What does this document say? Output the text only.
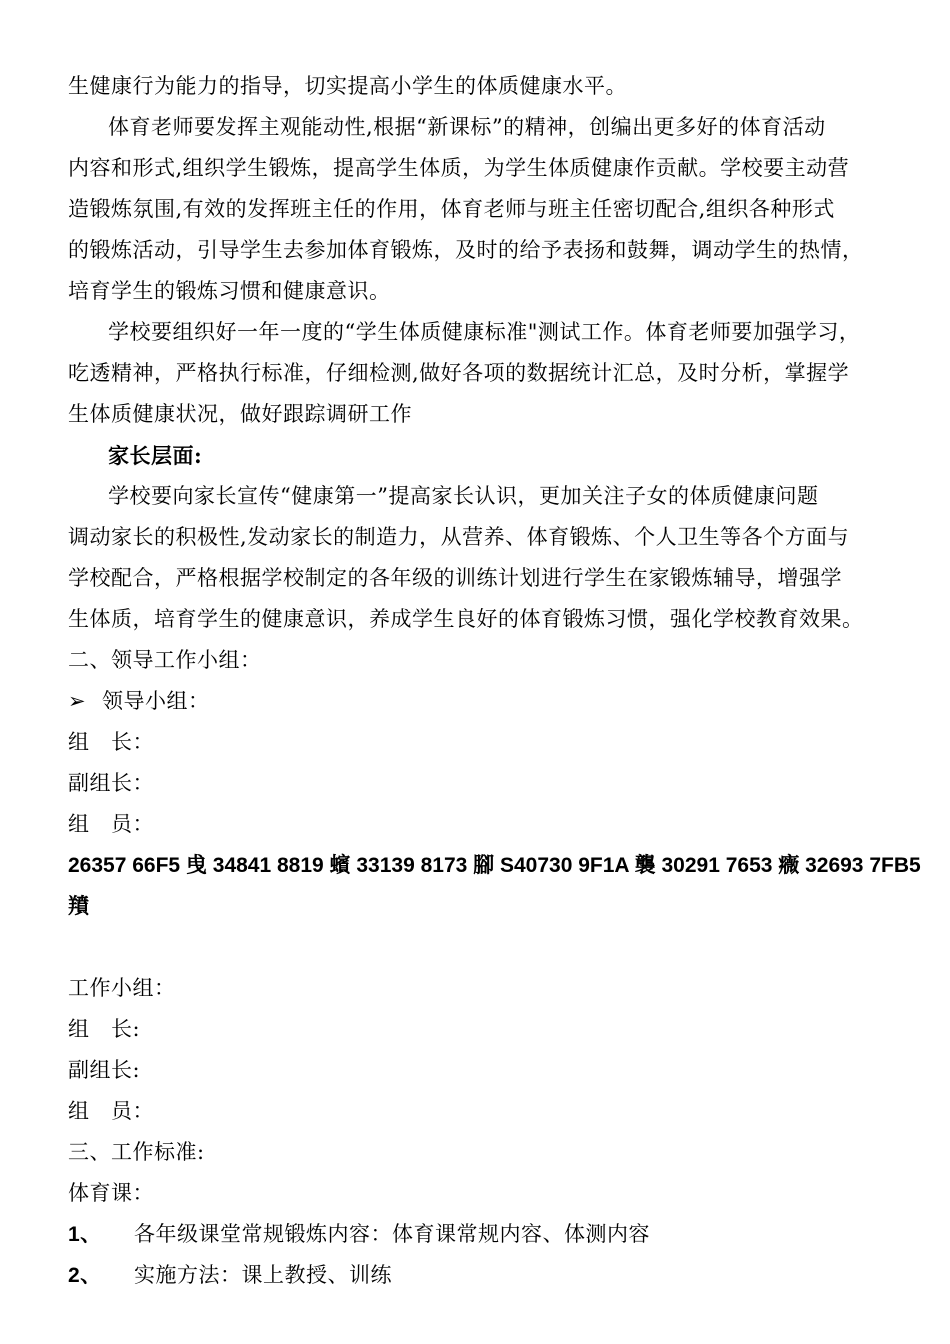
生健康行为能力的指导，切实提高小学生的体质健康水平。
体育老师要发挥主观能动性,根据“新课标”的精神，创编出更多好的体育活动
内容和形式,组织学生锻炼，提高学生体质，为学生体质健康作贡献。学校要主动营
造锻炼氛围,有效的发挥班主任的作用，体育老师与班主任密切配合,组织各种形式
的锻炼活动，引导学生去参加体育锻炼，及时的给予表扬和鼓舞，调动学生的热情，
培育学生的锻炼习惯和健康意识。
学校要组织好一年一度的“学生体质健康标准"测试工作。体育老师要加强学习，
吃透精神，严格执行标准，仔细检测,做好各项的数据统计汇总，及时分析，掌握学
生体质健康状况，做好跟踪调研工作
家长层面:
学校要向家长宣传“健康第一”提高家长认识，更加关注子女的体质健康问题
调动家长的积极性,发动家长的制造力，从营养、体育锻炼、个人卫生等各个方面与
学校配合，严格根据学校制定的各年级的训练计划进行学生在家锻炼辅导，增强学
生体质，培育学生的健康意识，养成学生良好的体育锻炼习惯，强化学校教育效果。
二、领导工作小组：
➢ 领导小组：
组　长：
副组长：
组　员：
26357 66F5 曵 34841 8819 蠙 33139 8173 腳 S40730 9F1A 襲 30291 7653 癓 32693 7FB5
羵
工作小组：
组　长:
副组长:
组　员：
三、工作标准:
体育课：
1、 各年级课堂常规锻炼内容：体育课常规内容、体测内容
2、 实施方法：课上教授、训练
